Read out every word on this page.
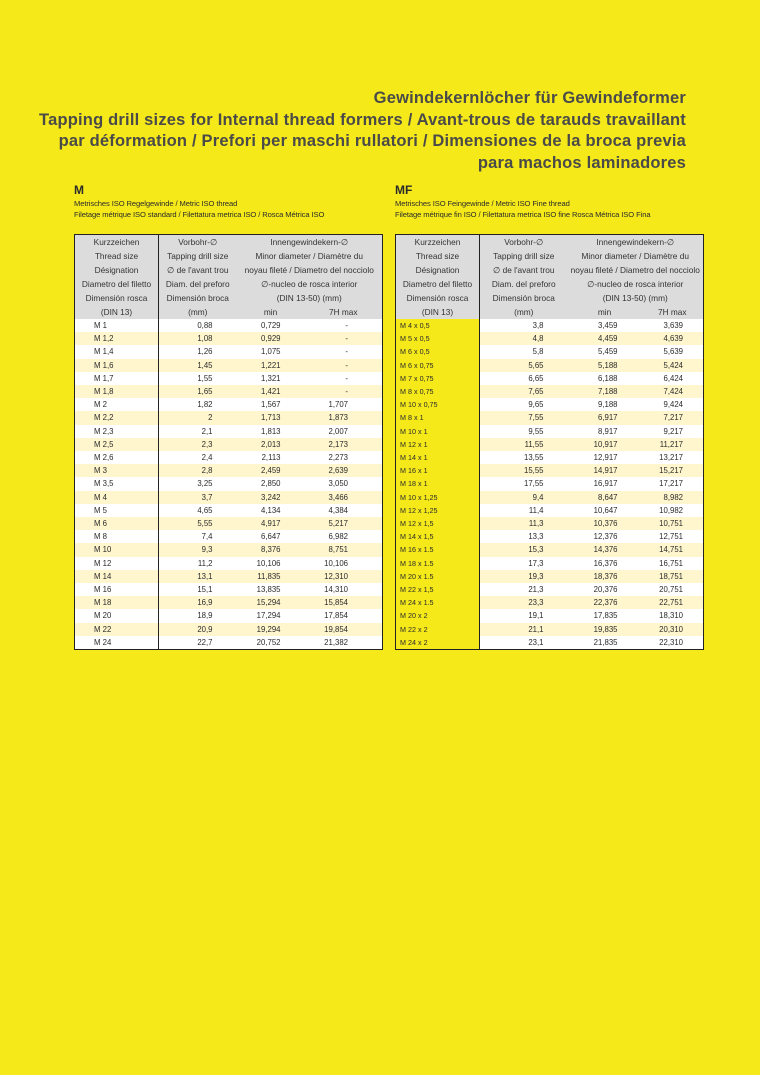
Gewindekernlöcher für Gewindeformer
Tapping drill sizes for Internal thread formers / Avant-trous de tarauds travaillant
par déformation / Prefori per maschi rullatori / Dimensiones de la broca previa
para machos laminadores
M
Metrisches ISO Regelgewinde / Metric ISO thread
Filetage métrique ISO standard / Filettatura metrica ISO / Rosca Métrica ISO
Kurzzeichen	Vorbohr-∅	Innengewindekern-∅	
Thread size	Tapping drill size	Minor diameter / Diamètre du	
Désignation	∅ de l'avant trou	noyau fileté / Diametro del nocciolo	
Diametro del filetto	Diam. del preforo	∅-nucleo de rosca interior	
Dimensión rosca	Dimensión broca	(DIN 13-50) (mm)	
(DIN 13)	(mm)	min	7H max
M 1	0,88	0,729	-
M 1,2	1,08	0,929	-
M 1,4	1,26	1,075	-
M 1,6	1,45	1,221	-
M 1,7	1,55	1,321	-
M 1,8	1,65	1,421	-
M 2	1,82	1,567	1,707
M 2,2	2	1,713	1,873
M 2,3	2,1	1,813	2,007
M 2,5	2,3	2,013	2,173
M 2,6	2,4	2,113	2,273
M 3	2,8	2,459	2,639
M 3,5	3,25	2,850	3,050
M 4	3,7	3,242	3,466
M 5	4,65	4,134	4,384
M 6	5,55	4,917	5,217
M 8	7,4	6,647	6,982
M 10	9,3	8,376	8,751
M 12	11,2	10,106	10,106
M 14	13,1	11,835	12,310
M 16	15,1	13,835	14,310
M 18	16,9	15,294	15,854
M 20	18,9	17,294	17,854
M 22	20,9	19,294	19,854
M 24	22,7	20,752	21,382
MF
Metrisches ISO Feingewinde / Metric ISO Fine thread
Filetage métrique fin ISO / Filettatura metrica ISO fine Rosca Métrica ISO Fina
Kurzzeichen	Vorbohr-∅	Innengewindekern-∅	
Thread size	Tapping drill size	Minor diameter / Diamètre du	
Désignation	∅ de l'avant trou	noyau fileté / Diametro del nocciolo	
Diametro del filetto	Diam. del preforo	∅-nucleo de rosca interior	
Dimensión rosca	Dimensión broca	(DIN 13-50) (mm)	
(DIN 13)	(mm)	min	7H max
M 4 x 0,5	3,8	3,459	3,639
M 5 x 0,5	4,8	4,459	4,639
M 6 x 0,5	5,8	5,459	5,639
M 6 x 0,75	5,65	5,188	5,424
M 7 x 0,75	6,65	6,188	6,424
M 8 x 0,75	7,65	7,188	7,424
M 10 x 0,75	9,65	9,188	9,424
M 8 x 1	7,55	6,917	7,217
M 10 x 1	9,55	8,917	9,217
M 12 x 1	11,55	10,917	11,217
M 14 x 1	13,55	12,917	13,217
M 16 x 1	15,55	14,917	15,217
M 18 x 1	17,55	16,917	17,217
M 10 x 1,25	9,4	8,647	8,982
M 12 x 1,25	11,4	10,647	10,982
M 12 x 1,5	11,3	10,376	10,751
M 14 x 1,5	13,3	12,376	12,751
M 16 x 1.5	15,3	14,376	14,751
M 18 x 1.5	17,3	16,376	16,751
M 20 x 1.5	19,3	18,376	18,751
M 22 x 1,5	21,3	20,376	20,751
M 24 x 1.5	23,3	22,376	22,751
M 20 x 2	19,1	17,835	18,310
M 22 x 2	21,1	19,835	20,310
M 24 x 2	23,1	21,835	22,310
